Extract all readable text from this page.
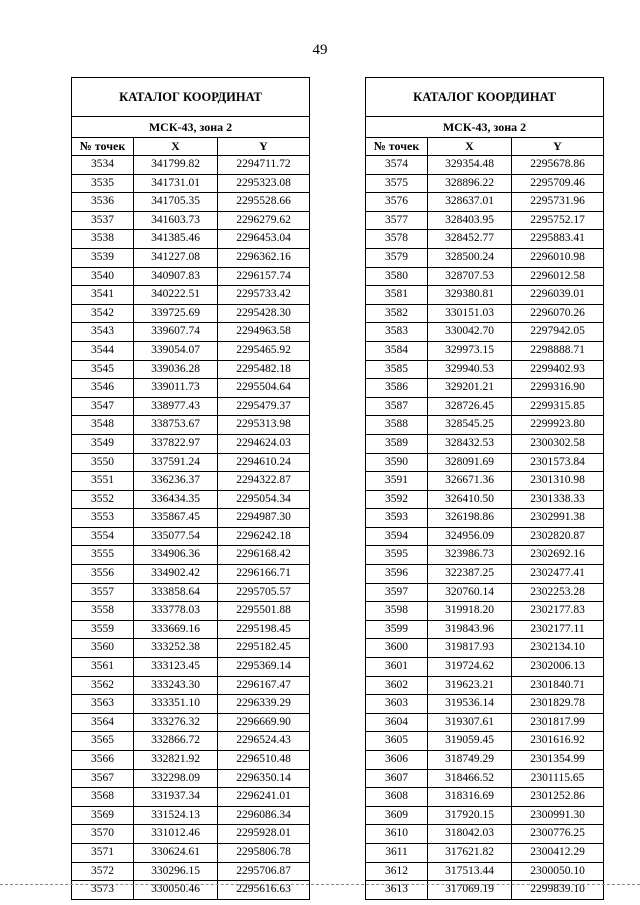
49
КАТАЛОГ КООРДИНАТ		
МСК-43, зона 2		
№ точек	X	Y
3534	341799.82	2294711.72
3535	341731.01	2295323.08
3536	341705.35	2295528.66
3537	341603.73	2296279.62
3538	341385.46	2296453.04
3539	341227.08	2296362.16
3540	340907.83	2296157.74
3541	340222.51	2295733.42
3542	339725.69	2295428.30
3543	339607.74	2294963.58
3544	339054.07	2295465.92
3545	339036.28	2295482.18
3546	339011.73	2295504.64
3547	338977.43	2295479.37
3548	338753.67	2295313.98
3549	337822.97	2294624.03
3550	337591.24	2294610.24
3551	336236.37	2294322.87
3552	336434.35	2295054.34
3553	335867.45	2294987.30
3554	335077.54	2296242.18
3555	334906.36	2296168.42
3556	334902.42	2296166.71
3557	333858.64	2295705.57
3558	333778.03	2295501.88
3559	333669.16	2295198.45
3560	333252.38	2295182.45
3561	333123.45	2295369.14
3562	333243.30	2296167.47
3563	333351.10	2296339.29
3564	333276.32	2296669.90
3565	332866.72	2296524.43
3566	332821.92	2296510.48
3567	332298.09	2296350.14
3568	331937.34	2296241.01
3569	331524.13	2296086.34
3570	331012.46	2295928.01
3571	330624.61	2295806.78
3572	330296.15	2295706.87
3573	330050.46	2295616.63
КАТАЛОГ КООРДИНАТ		
МСК-43, зона 2		
№ точек	X	Y
3574	329354.48	2295678.86
3575	328896.22	2295709.46
3576	328637.01	2295731.96
3577	328403.95	2295752.17
3578	328452.77	2295883.41
3579	328500.24	2296010.98
3580	328707.53	2296012.58
3581	329380.81	2296039.01
3582	330151.03	2296070.26
3583	330042.70	2297942.05
3584	329973.15	2298888.71
3585	329940.53	2299402.93
3586	329201.21	2299316.90
3587	328726.45	2299315.85
3588	328545.25	2299923.80
3589	328432.53	2300302.58
3590	328091.69	2301573.84
3591	326671.36	2301310.98
3592	326410.50	2301338.33
3593	326198.86	2302991.38
3594	324956.09	2302820.87
3595	323986.73	2302692.16
3596	322387.25	2302477.41
3597	320760.14	2302253.28
3598	319918.20	2302177.83
3599	319843.96	2302177.11
3600	319817.93	2302134.10
3601	319724.62	2302006.13
3602	319623.21	2301840.71
3603	319536.14	2301829.78
3604	319307.61	2301817.99
3605	319059.45	2301616.92
3606	318749.29	2301354.99
3607	318466.52	2301115.65
3608	318316.69	2301252.86
3609	317920.15	2300991.30
3610	318042.03	2300776.25
3611	317621.82	2300412.29
3612	317513.44	2300050.10
3613	317069.19	2299839.10
